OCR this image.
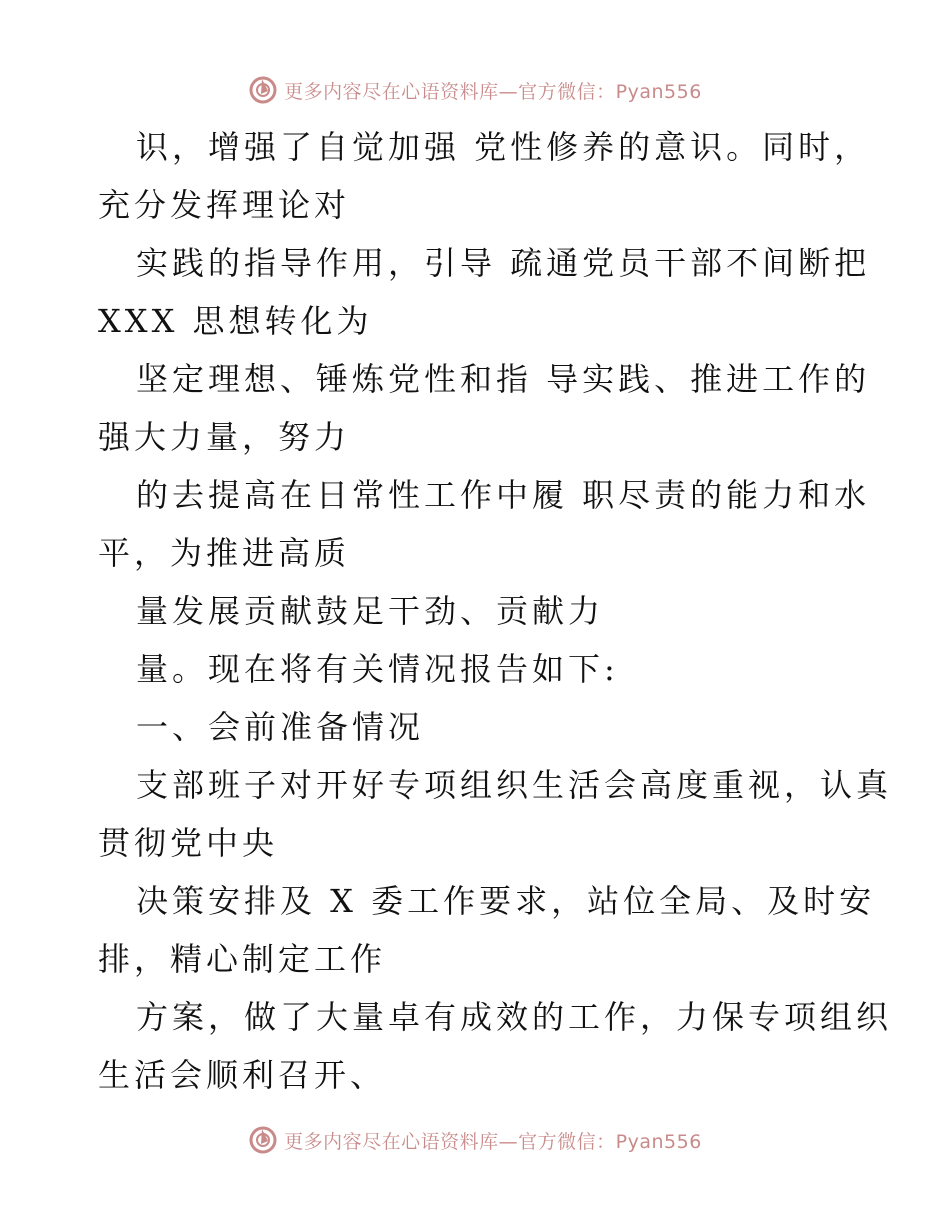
更多内容尽在心语资料库—官方微信：Pyan556
识，增强了自觉加强 党性修养的意识。同时，
充分发挥理论对
实践的指导作用，引导 疏通党员干部不间断把
XXX 思想转化为
坚定理想、锤炼党性和指 导实践、推进工作的
强大力量，努力
的去提高在日常性工作中履 职尽责的能力和水
平，为推进高质
量发展贡献鼓足干劲、贡献力
量。现在将有关情况报告如下:
一、会前准备情况
支部班子对开好专项组织生活会高度重视，认真
贯彻党中央
决策安排及 X 委工作要求，站位全局、及时安
排，精心制定工作
方案，做了大量卓有成效的工作，力保专项组织
生活会顺利召开、
更多内容尽在心语资料库—官方微信：Pyan556
